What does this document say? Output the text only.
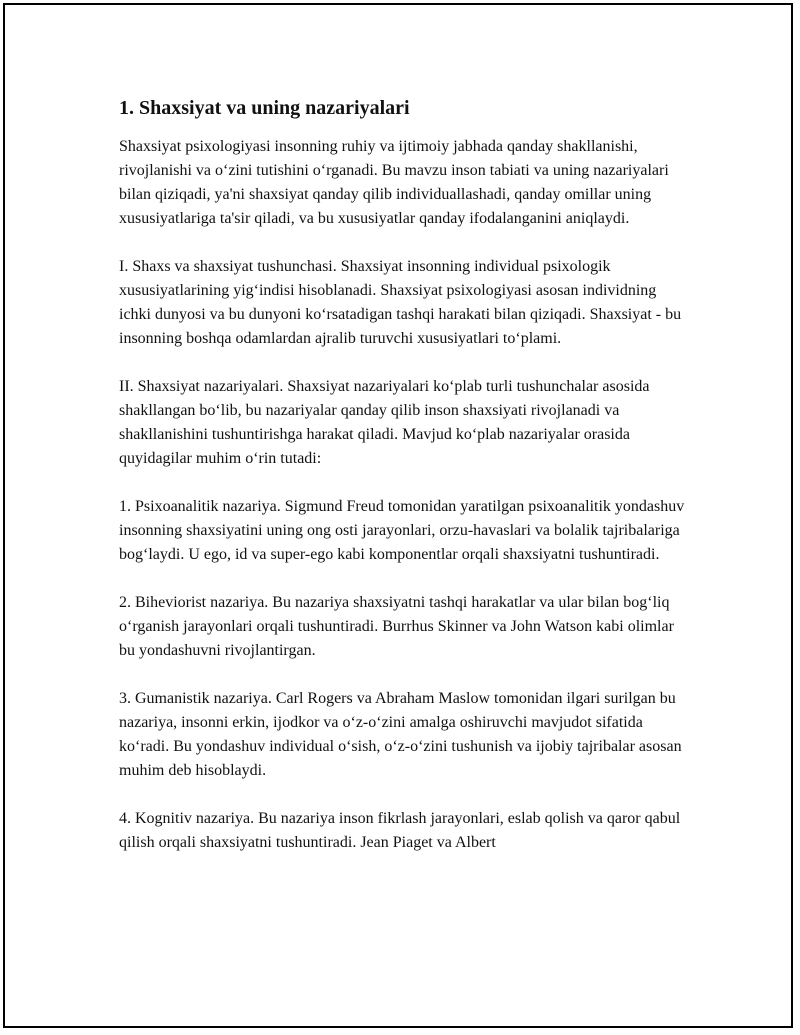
1. Shaxsiyat va uning nazariyalari

Shaxsiyat psixologiyasi insonning ruhiy va ijtimoiy jabhada qanday shakllanishi, rivojlanishi va oʻzini tutishini oʻrganadi. Bu mavzu inson tabiati va uning nazariyalari bilan qiziqadi, ya'ni shaxsiyat qanday qilib individuallashadi, qanday omillar uning xususiyatlariga ta'sir qiladi, va bu xususiyatlar qanday ifodalanganini aniqlaydi.

I. Shaxs va shaxsiyat tushunchasi. Shaxsiyat insonning individual psixologik xususiyatlarining yigʻindisi hisoblanadi. Shaxsiyat psixologiyasi asosan individning ichki dunyosi va bu dunyoni koʻrsatadigan tashqi harakati bilan qiziqadi. Shaxsiyat - bu insonning boshqa odamlardan ajralib turuvchi xususiyatlari toʻplami.

II. Shaxsiyat nazariyalari. Shaxsiyat nazariyalari koʻplab turli tushunchalar asosida shakllangan boʻlib, bu nazariyalar qanday qilib inson shaxsiyati rivojlanadi va shakllanishini tushuntirishga harakat qiladi. Mavjud koʻplab nazariyalar orasida quyidagilar muhim oʻrin tutadi:

1. Psixoanalitik nazariya. Sigmund Freud tomonidan yaratilgan psixoanalitik yondashuv insonning shaxsiyatini uning ong osti jarayonlari, orzu-havaslari va bolalik tajribalariga bogʻlaydi. U ego, id va super-ego kabi komponentlar orqali shaxsiyatni tushuntiradi.

2. Biheviorist nazariya. Bu nazariya shaxsiyatni tashqi harakatlar va ular bilan bogʻliq oʻrganish jarayonlari orqali tushuntiradi. Burrhus Skinner va John Watson kabi olimlar bu yondashuvni rivojlantirgan.

3. Gumanistik nazariya. Carl Rogers va Abraham Maslow tomonidan ilgari surilgan bu nazariya, insonni erkin, ijodkor va oʻz-oʻzini amalga oshiruvchi mavjudot sifatida koʻradi. Bu yondashuv individual oʻsish, oʻz-oʻzini tushunish va ijobiy tajribalar asosan muhim deb hisoblaydi.

4. Kognitiv nazariya. Bu nazariya inson fikrlash jarayonlari, eslab qolish va qaror qabul qilish orqali shaxsiyatni tushuntiradi. Jean Piaget va Albert
